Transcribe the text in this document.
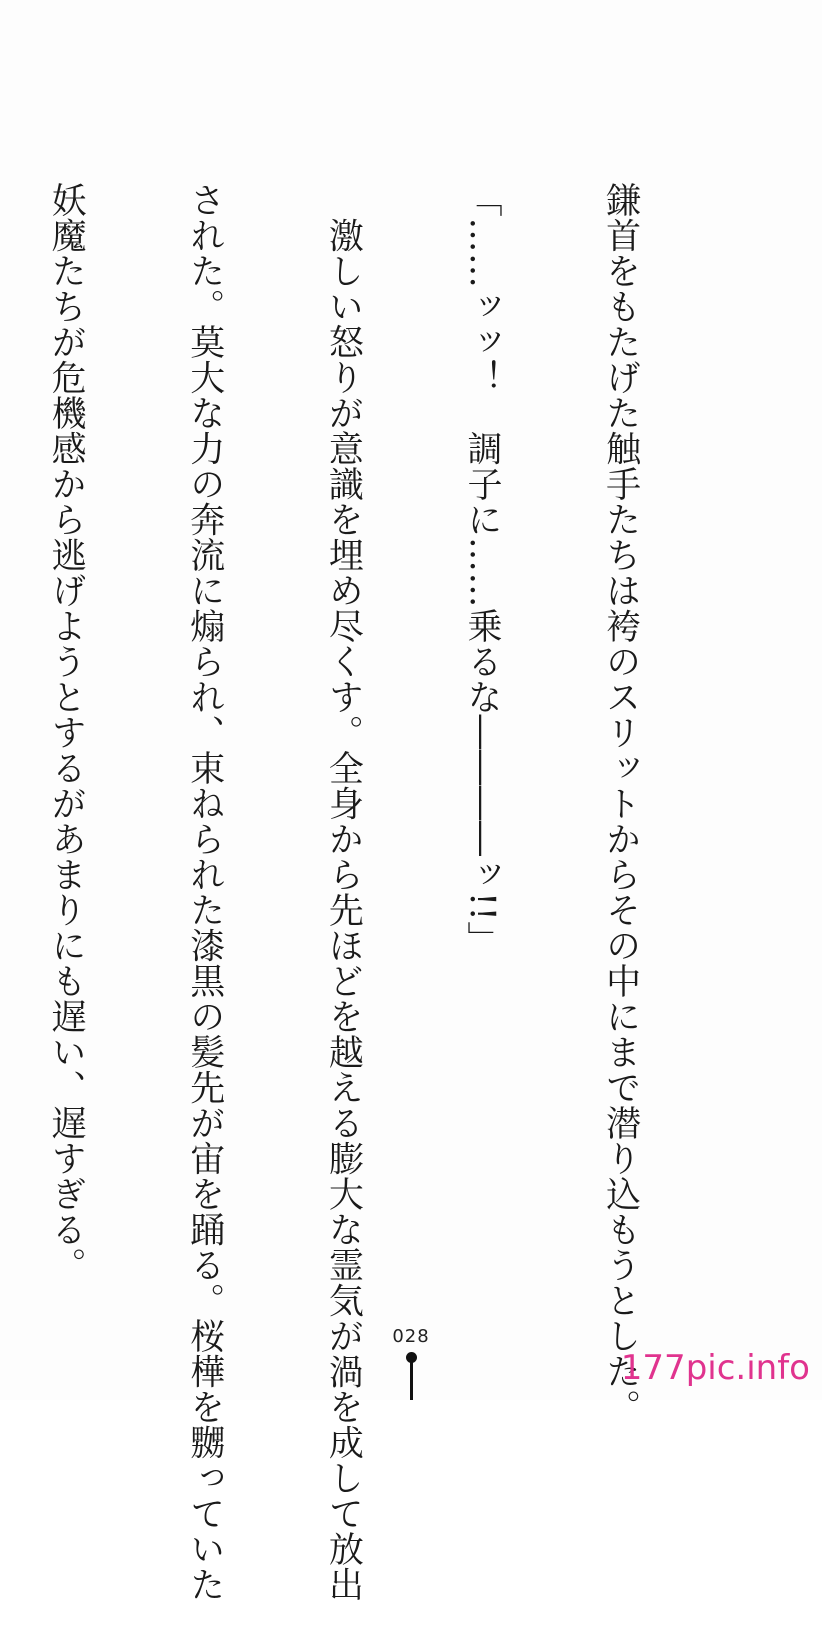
鎌首をもたげた触手たちは袴のスリットからその中にまで潜り込もうとした。

「……ッッ！　調子に……乗るな――――ッ!!」

　激しい怒りが意識を埋め尽くす。全身から先ほどを越える膨大な霊気が渦を成して放出

された。莫大な力の奔流に煽られ、束ねられた漆黒の髪先が宙を踊る。桜樺を嬲っていた

妖魔たちが危機感から逃げようとするがあまりにも遅い、遅すぎる。

028
177pic.info
